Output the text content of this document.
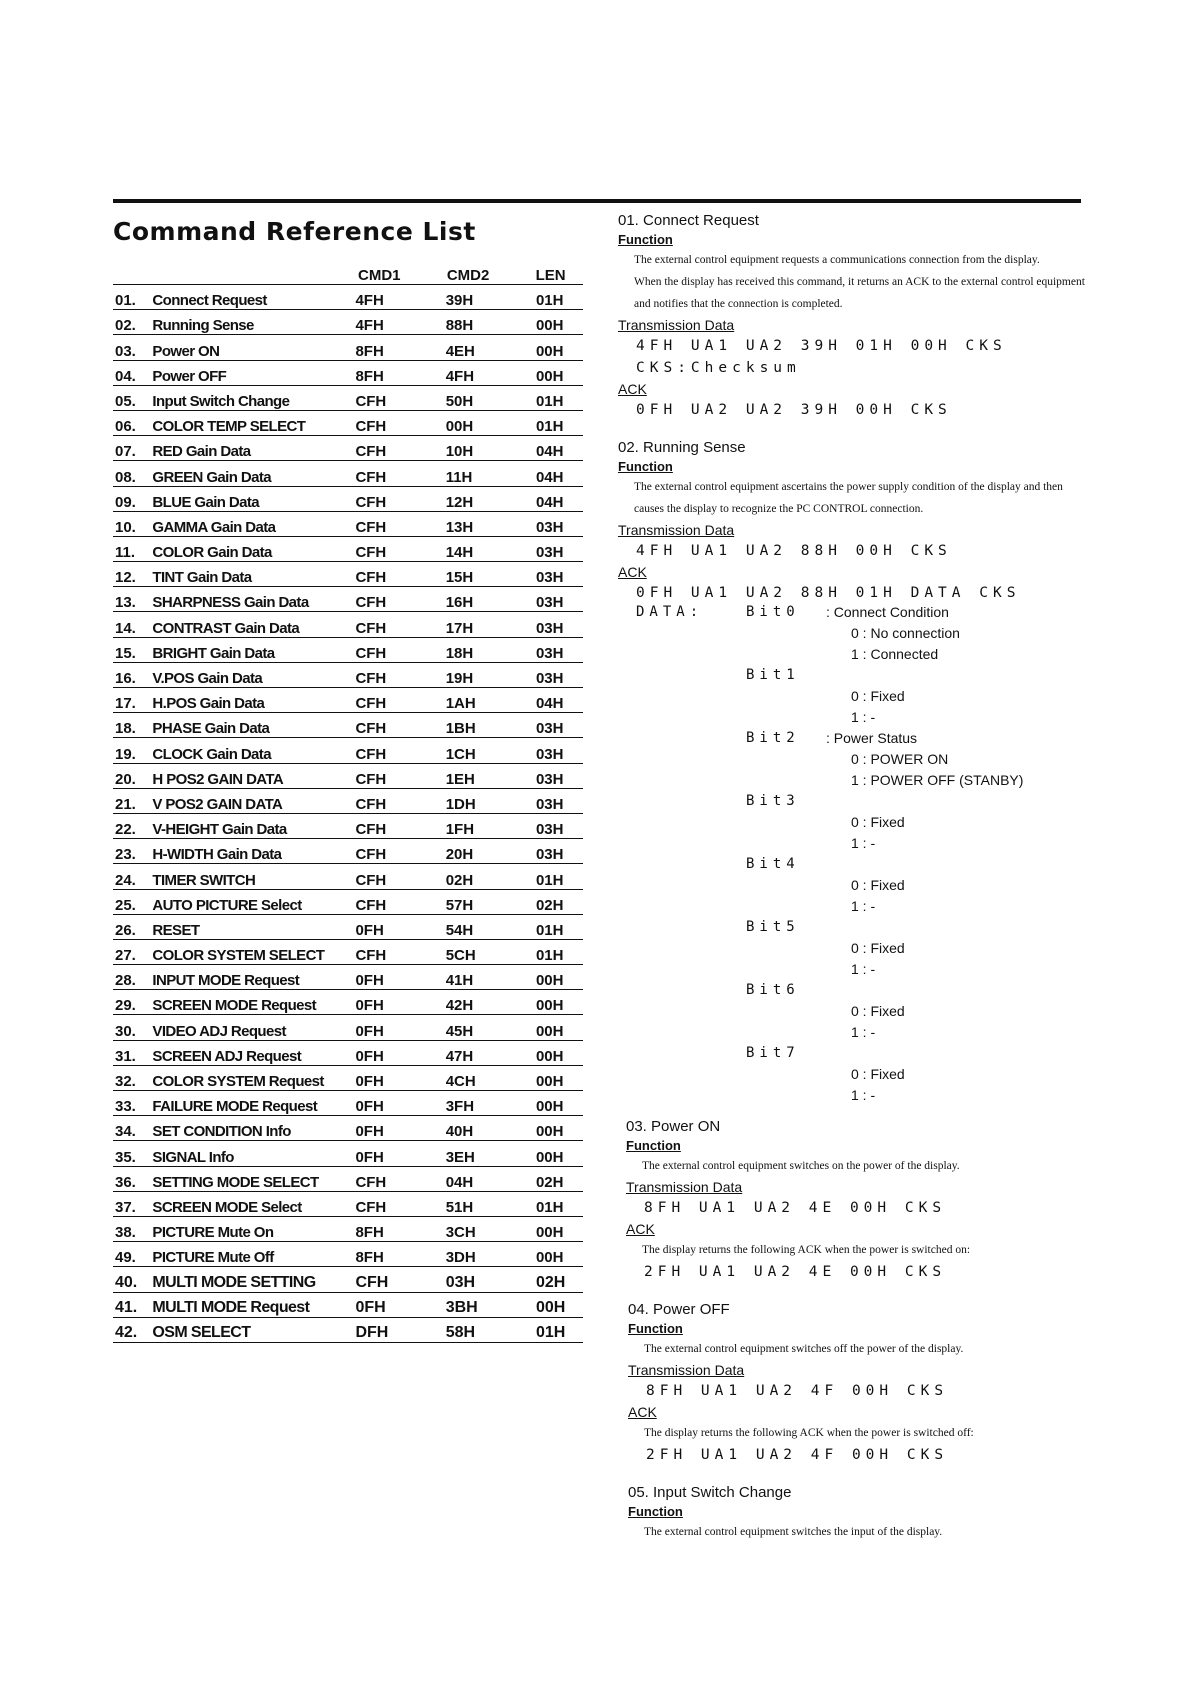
Command Reference List
CMD1	CMD2	LEN
01.	Connect Request	4FH	39H	01H
02.	Running Sense	4FH	88H	00H
03.	Power ON	8FH	4EH	00H
04.	Power OFF	8FH	4FH	00H
05.	Input Switch Change	CFH	50H	01H
06.	COLOR TEMP SELECT	CFH	00H	01H
07.	RED Gain Data	CFH	10H	04H
08.	GREEN Gain Data	CFH	11H	04H
09.	BLUE Gain Data	CFH	12H	04H
10.	GAMMA Gain Data	CFH	13H	03H
11.	COLOR Gain Data	CFH	14H	03H
12.	TINT Gain Data	CFH	15H	03H
13.	SHARPNESS Gain Data	CFH	16H	03H
14.	CONTRAST Gain Data	CFH	17H	03H
15.	BRIGHT Gain Data	CFH	18H	03H
16.	V.POS Gain Data	CFH	19H	03H
17.	H.POS Gain Data	CFH	1AH	04H
18.	PHASE Gain Data	CFH	1BH	03H
19.	CLOCK Gain Data	CFH	1CH	03H
20.	H POS2 GAIN DATA	CFH	1EH	03H
21.	V POS2 GAIN DATA	CFH	1DH	03H
22.	V-HEIGHT Gain Data	CFH	1FH	03H
23.	H-WIDTH Gain Data	CFH	20H	03H
24.	TIMER SWITCH	CFH	02H	01H
25.	AUTO PICTURE Select	CFH	57H	02H
26.	RESET	0FH	54H	01H
27.	COLOR SYSTEM SELECT	CFH	5CH	01H
28.	INPUT MODE Request	0FH	41H	00H
29.	SCREEN MODE Request	0FH	42H	00H
30.	VIDEO ADJ Request	0FH	45H	00H
31.	SCREEN ADJ Request	0FH	47H	00H
32.	COLOR SYSTEM Request	0FH	4CH	00H
33.	FAILURE MODE Request	0FH	3FH	00H
34.	SET CONDITION Info	0FH	40H	00H
35.	SIGNAL Info	0FH	3EH	00H
36.	SETTING MODE SELECT	CFH	04H	02H
37.	SCREEN MODE Select	CFH	51H	01H
38.	PICTURE Mute On	8FH	3CH	00H
49.	PICTURE Mute Off	8FH	3DH	00H
40. MULTI MODE SETTING	CFH	03H	02H
41. MULTI MODE Request	0FH	3BH	00H
42. OSM SELECT	DFH	58H	01H
01. Connect Request
Function
The external control equipment requests a communications connection from the display.
When the display has received this command, it returns an ACK to the external control equipment and notifies that the connection is completed.
Transmission Data
4FH UA1 UA2 39H 01H 00H CKS
CKS:Checksum
ACK
0FH UA2 UA2 39H 00H CKS
02. Running Sense
Function
The external control equipment ascertains the power supply condition of the display and then causes the display to recognize the PC CONTROL connection.
Transmission Data
4FH UA1 UA2 88H 00H CKS
ACK
0FH UA1 UA2 88H 01H DATA CKS
DATA:	Bit0 : Connect Condition
0 : No connection
1 : Connected
Bit1
0 : Fixed
1 : -
Bit2 : Power Status
0 : POWER ON
1 : POWER OFF (STANBY)
Bit3
0 : Fixed
1 : -
Bit4
0 : Fixed
1 : -
Bit5
0 : Fixed
1 : -
Bit6
0 : Fixed
1 : -
Bit7
0 : Fixed
1 : -
03. Power ON
Function
The external control equipment switches on the power of the display.
Transmission Data
8FH UA1 UA2 4E 00H CKS
ACK
The display returns the following ACK when the power is switched on:
2FH UA1 UA2 4E 00H CKS
04. Power OFF
Function
The external control equipment switches off the power of the display.
Transmission Data
8FH UA1 UA2 4F 00H CKS
ACK
The display returns the following ACK when the power is switched off:
2FH UA1 UA2 4F 00H CKS
05. Input Switch Change
Function
The external control equipment switches the input of the display.
